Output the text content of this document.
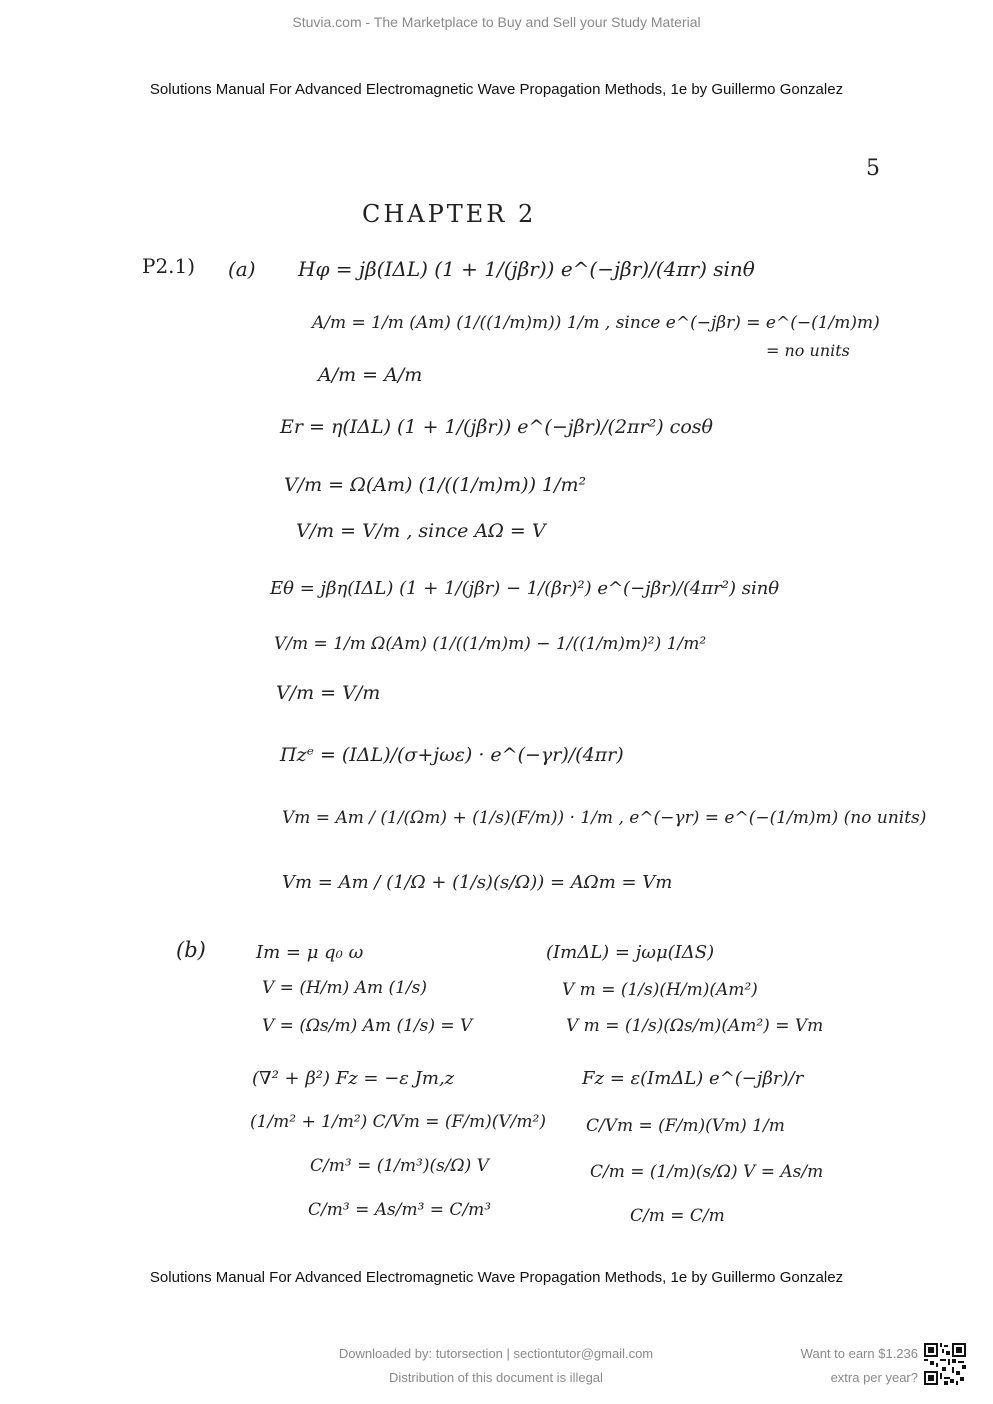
Stuvia.com - The Marketplace to Buy and Sell your Study Material
Solutions Manual For Advanced Electromagnetic Wave Propagation Methods, 1e by Guillermo Gonzalez
5
CHAPTER 2
P2.1) (a) Hφ = jβ(IΔL) (1 + 1/(jβr)) e^(−jβr)/(4πr) sinθ
A/m = 1/m (Am) (1/((1/m)m)) 1/m , since e^(−jβr) = e^(−(1/m)m)
= no units
A/m = A/m
Er = η(IΔL) (1 + 1/(jβr)) e^(−jβr)/(2πr²) cosθ
V/m = Ω(Am) (1/((1/m)m)) 1/m²
V/m = V/m , since AΩ = V
Eθ = jβη(IΔL) (1 + 1/(jβr) − 1/(βr)²) e^(−jβr)/(4πr²) sinθ
V/m = 1/m Ω(Am) (1/((1/m)m) − 1/((1/m)m)²) 1/m²
V/m = V/m
Πzᵉ = (IΔL)/(σ+jωε) · e^(−γr)/(4πr)
Vm = Am / (1/(Ωm) + (1/s)(F/m)) · 1/m , e^(−γr) = e^(−(1/m)m) (no units)
Vm = Am / (1/Ω + (1/s)(s/Ω)) = AΩm = Vm
(b)	Im = μ q₀ ω
V = (H/m) Am (1/s)
V = (Ωs/m) Am (1/s) = V
(∇² + β²) Fz = −ε Jm,z
(1/m² + 1/m²) C/Vm = (F/m)(V/m²)
C/m³ = (1/m³)(s/Ω) V
C/m³ = As/m³ = C/m³
(ImΔL) = jωμ(IΔS)
V m = (1/s)(H/m)(Am²)
V m = (1/s)(Ωs/m)(Am²) = Vm
Fz = ε(ImΔL) e^(−jβr)/r
C/Vm = (F/m)(Vm) 1/m
C/m = (1/m)(s/Ω) V = As/m
C/m = C/m
Solutions Manual For Advanced Electromagnetic Wave Propagation Methods, 1e by Guillermo Gonzalez
Downloaded by: tutorsection | sectiontutor@gmail.com
Distribution of this document is illegal
Want to earn $1.236
extra per year?
